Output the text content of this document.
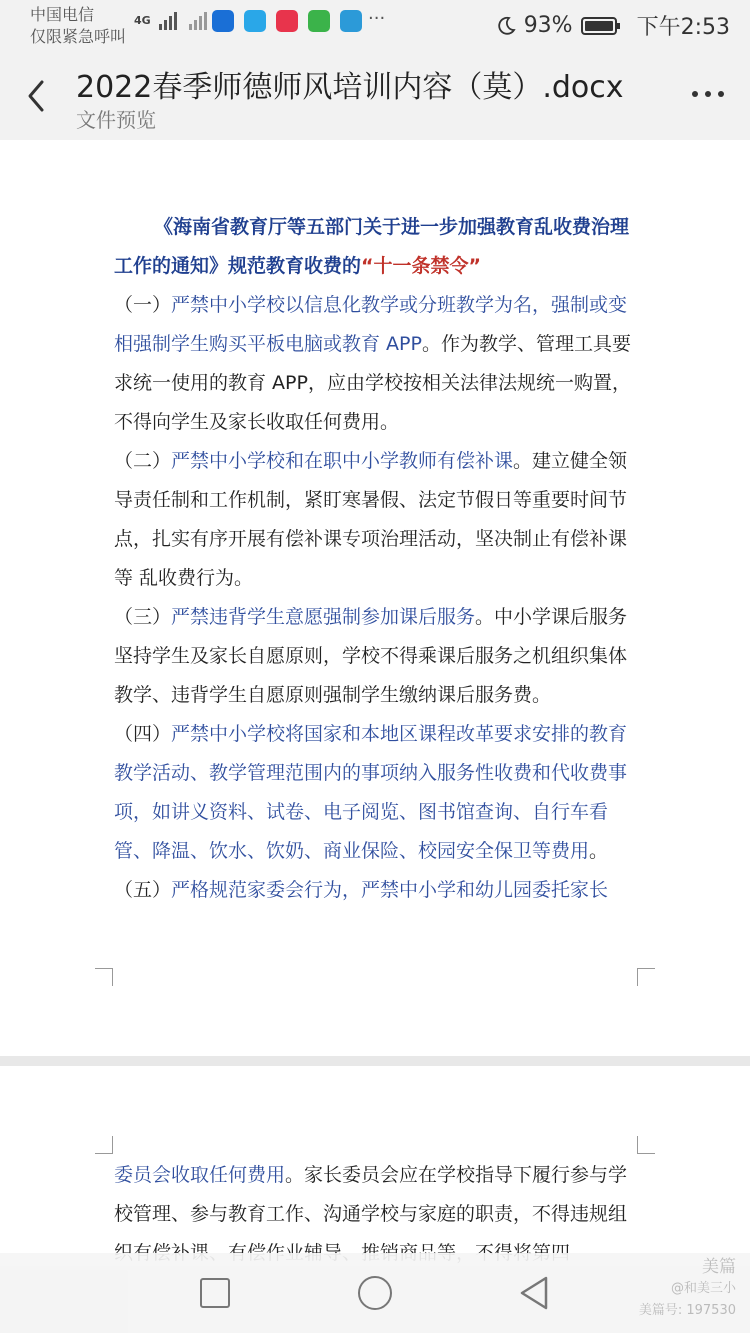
中国电信
仅限紧急呼叫
4G	···	93%	下午2:53
2022春季师德师风培训内容（莫）.docx
文件预览

《海南省教育厅等五部门关于进一步加强教育乱收费治理工作的通知》规范教育收费的“十一条禁令”

（一）严禁中小学校以信息化教学或分班教学为名，强制或变相强制学生购买平板电脑或教育 APP。作为教学、管理工具要 求统一使用的教育 APP，应由学校按相关法律法规统一购置，不得向学生及家长收取任何费用。

（二）严禁中小学校和在职中小学教师有偿补课。建立健全领导责任制和工作机制，紧盯寒暑假、法定节假日等重要时间节 点，扎实有序开展有偿补课专项治理活动，坚决制止有偿补课等 乱收费行为。

（三）严禁违背学生意愿强制参加课后服务。中小学课后服务坚持学生及家长自愿原则，学校不得乘课后服务之机组织集体教学、违背学生自愿原则强制学生缴纳课后服务费。

（四）严禁中小学校将国家和本地区课程改革要求安排的教育教学活动、教学管理范围内的事项纳入服务性收费和代收费事项，如讲义资料、试卷、电子阅览、图书馆查询、自行车看管、降温、饮水、饮奶、商业保险、校园安全保卫等费用。

（五）严格规范家委会行为，严禁中小学和幼儿园委托家长

委员会收取任何费用。家长委员会应在学校指导下履行参与学校管理、参与教育工作、沟通学校与家庭的职责，不得违规组

美篇
@和美三小
美篇号: 197530
